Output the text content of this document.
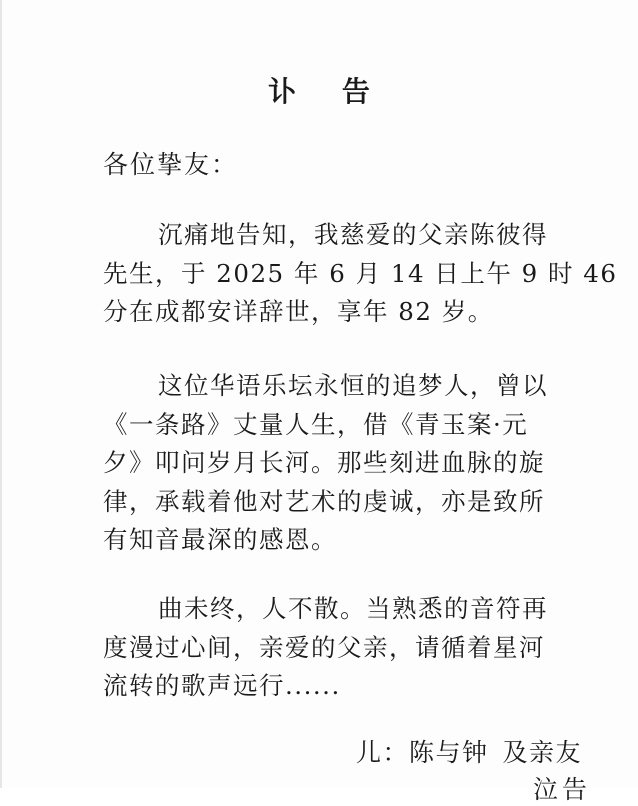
讣 告
各位挚友：
沉痛地告知，我慈爱的父亲陈彼得
先生，于 2025 年 6 月 14 日上午 9 时 46
分在成都安详辞世，享年 82 岁。
这位华语乐坛永恒的追梦人，曾以
《一条路》丈量人生，借《青玉案·元
夕》叩问岁月长河。那些刻进血脉的旋
律，承载着他对艺术的虔诚，亦是致所
有知音最深的感恩。
曲未终，人不散。当熟悉的音符再
度漫过心间，亲爱的父亲，请循着星河
流转的歌声远行......
儿：陈与钟 及亲友
泣告
